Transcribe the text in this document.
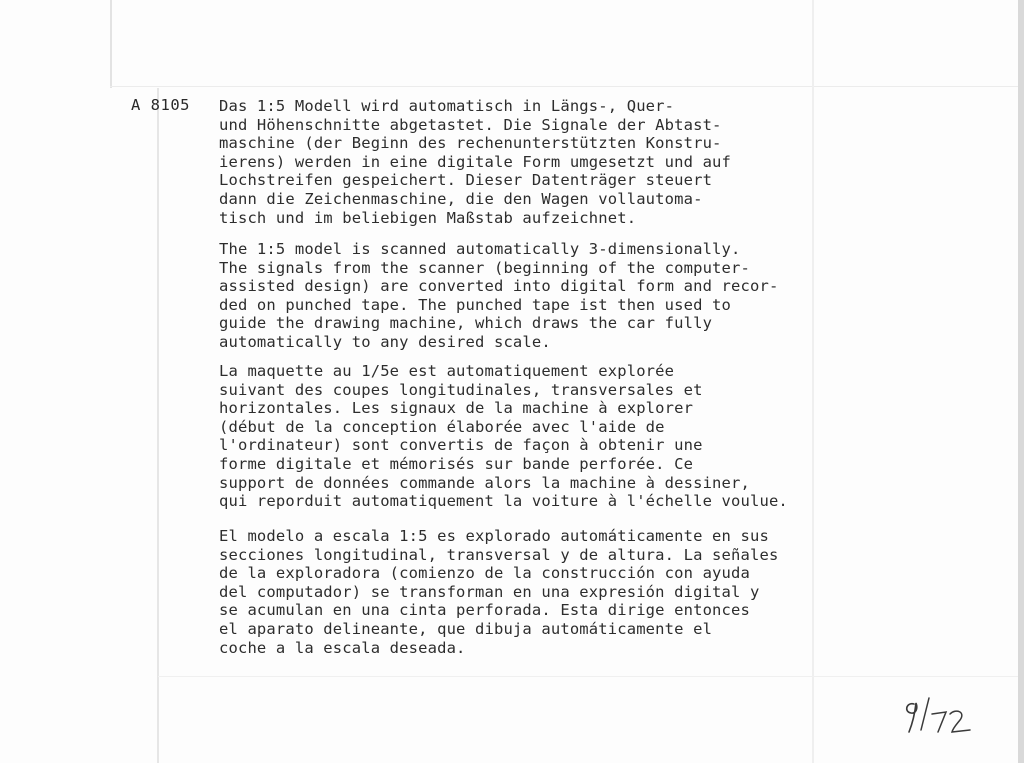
A 8105 Das 1:5 Modell wird automatisch in Längs-, Quer-
und Höhenschnitte abgetastet. Die Signale der Abtast-
maschine (der Beginn des rechenunterstützten Konstru-
ierens) werden in eine digitale Form umgesetzt und auf
Lochstreifen gespeichert. Dieser Datenträger steuert
dann die Zeichenmaschine, die den Wagen vollautoma-
tisch und im beliebigen Maßstab aufzeichnet.

The 1:5 model is scanned automatically 3-dimensionally.
The signals from the scanner (beginning of the computer-
assisted design) are converted into digital form and recor-
ded on punched tape. The punched tape ist then used to
guide the drawing machine, which draws the car fully
automatically to any desired scale.

La maquette au 1/5e est automatiquement explorée
suivant des coupes longitudinales, transversales et
horizontales. Les signaux de la machine à explorer
(début de la conception élaborée avec l'aide de
l'ordinateur) sont convertis de façon à obtenir une
forme digitale et mémorisés sur bande perforée. Ce
support de données commande alors la machine à dessiner,
qui reporduit automatiquement la voiture à l'échelle voulue.

El modelo a escala 1:5 es explorado automáticamente en sus
secciones longitudinal, transversal y de altura. La señales
de la exploradora (comienzo de la construcción con ayuda
del computador) se transforman en una expresión digital y
se acumulan en una cinta perforada. Esta dirige entonces
el aparato delineante, que dibuja automáticamente el
coche a la escala deseada.
